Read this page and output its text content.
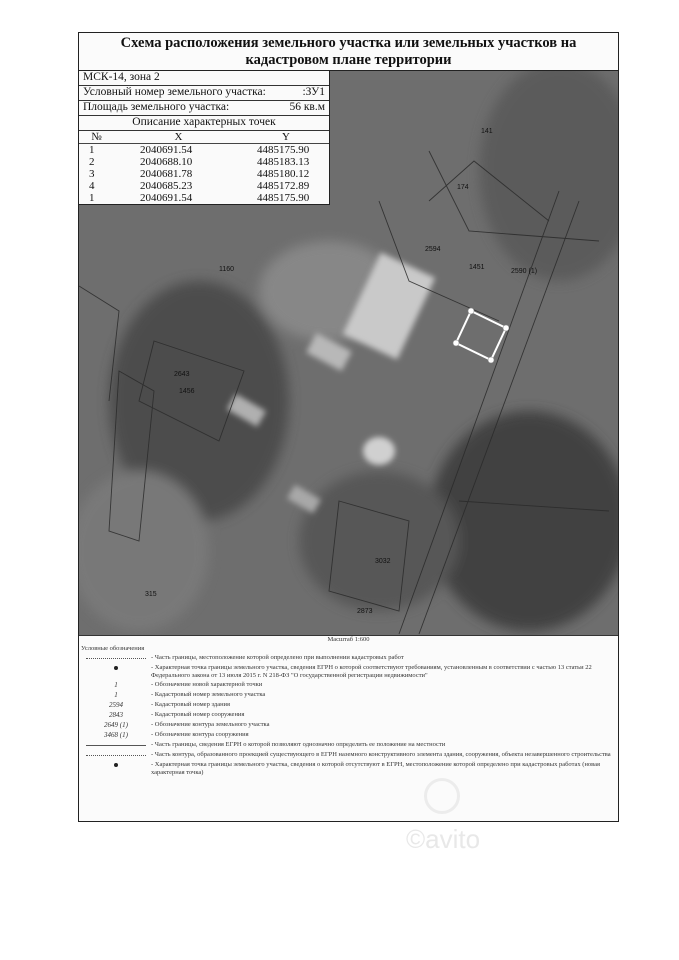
Схема расположения земельного участка или земельных участков на кадастровом плане территории
141
174
2594
1451
2590 (1)
1160
2643
1456
3032
2873
315
МСК-14, зона 2
Условный номер земельного участка:	:ЗУ1
Площадь земельного участка:	56 кв.м
Описание характерных точек
№	X	Y
1	2040691.54	4485175.90
2	2040688.10	4485183.13
3	2040681.78	4485180.12
4	2040685.23	4485172.89
1	2040691.54	4485175.90
Масштаб 1:600
Условные обозначения
- Часть границы, местоположение которой определено при выполнении кадастровых работ
- Характерная точка границы земельного участка, сведения ЕГРН о которой соответствуют требованиям, установленным в соответствии с частью 13 статьи 22 Федерального закона от 13 июля 2015 г. N 218-ФЗ "О государственной регистрации недвижимости"
1	- Обозначение новой характерной точки
1	- Кадастровый номер земельного участка
2594	- Кадастровый номер здания
2843	- Кадастровый номер сооружения
2649 (1)	- Обозначение контура земельного участка
3468 (1)	- Обозначение контура сооружения
- Часть границы, сведения ЕГРН о которой позволяют однозначно определить ее положение на местности
- Часть контура, образованного проекцией существующего в ЕГРН наземного конструктивного элемента здания, сооружения, объекта незавершенного строительства
- Характерная точка границы земельного участка, сведения о которой отсутствуют в ЕГРН, местоположение которой определено при кадастровых работах (новая характерная точка)
©avito
